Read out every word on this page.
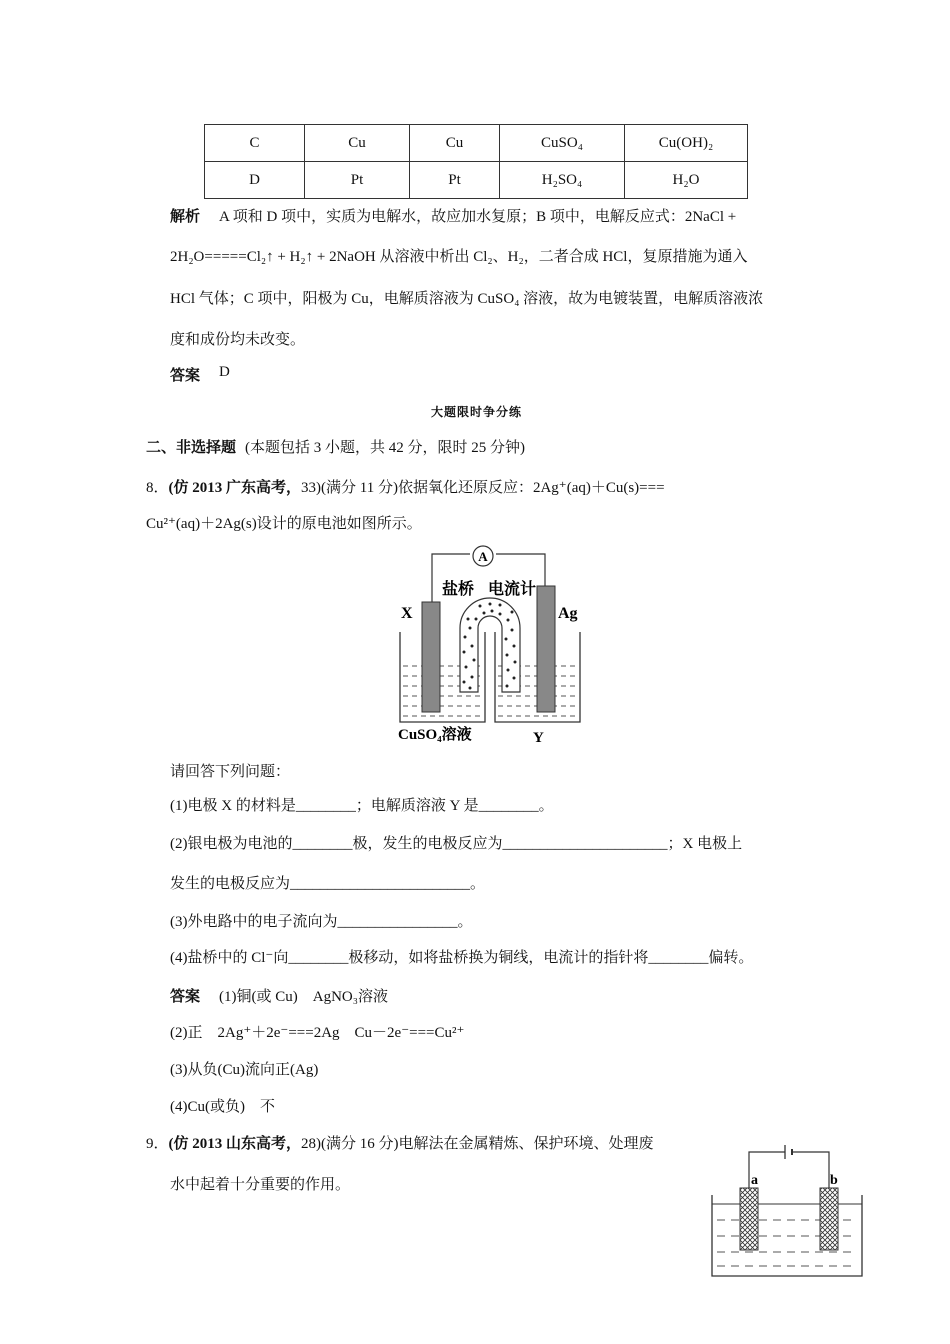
C	Cu	Cu	CuSO₄	Cu(OH)₂
D	Pt	Pt	H₂SO₄	H₂O
解析 A 项和 D 项中，实质为电解水，故应加水复原；B 项中，电解反应式：2NaCl +
2H₂O=====Cl₂↑ + H₂↑ + 2NaOH 从溶液中析出 Cl₂、H₂，二者合成 HCl，复原措施为通入
HCl 气体；C 项中，阳极为 Cu，电解质溶液为 CuSO₄ 溶液，故为电镀装置，电解质溶液浓
度和成份均未改变。
答案 D
大题限时争分练
二、非选择题 (本题包括 3 小题，共 42 分，限时 25 分钟)
8．(仿 2013 广东高考，33)(满分 11 分)依据氧化还原反应：2Ag⁺(aq)＋Cu(s)===
Cu²⁺(aq)＋2Ag(s)设计的原电池如图所示。
A
盐桥 电流计
X	Ag
CuSO₄溶液	Y
请回答下列问题：
(1)电极 X 的材料是________；电解质溶液 Y 是________。
(2)银电极为电池的________极，发生的电极反应为______________________；X 电极上
发生的电极反应为________________________。
(3)外电路中的电子流向为________________。
(4)盐桥中的 Cl⁻向________极移动，如将盐桥换为铜线，电流计的指针将________偏转。
答案 (1)铜(或 Cu)　AgNO₃溶液
(2)正　2Ag⁺＋2e⁻===2Ag　Cu－2e⁻===Cu²⁺
(3)从负(Cu)流向正(Ag)
(4)Cu(或负)　不
9．(仿 2013 山东高考，28)(满分 16 分)电解法在金属精炼、保护环境、处理废
水中起着十分重要的作用。	a	b
